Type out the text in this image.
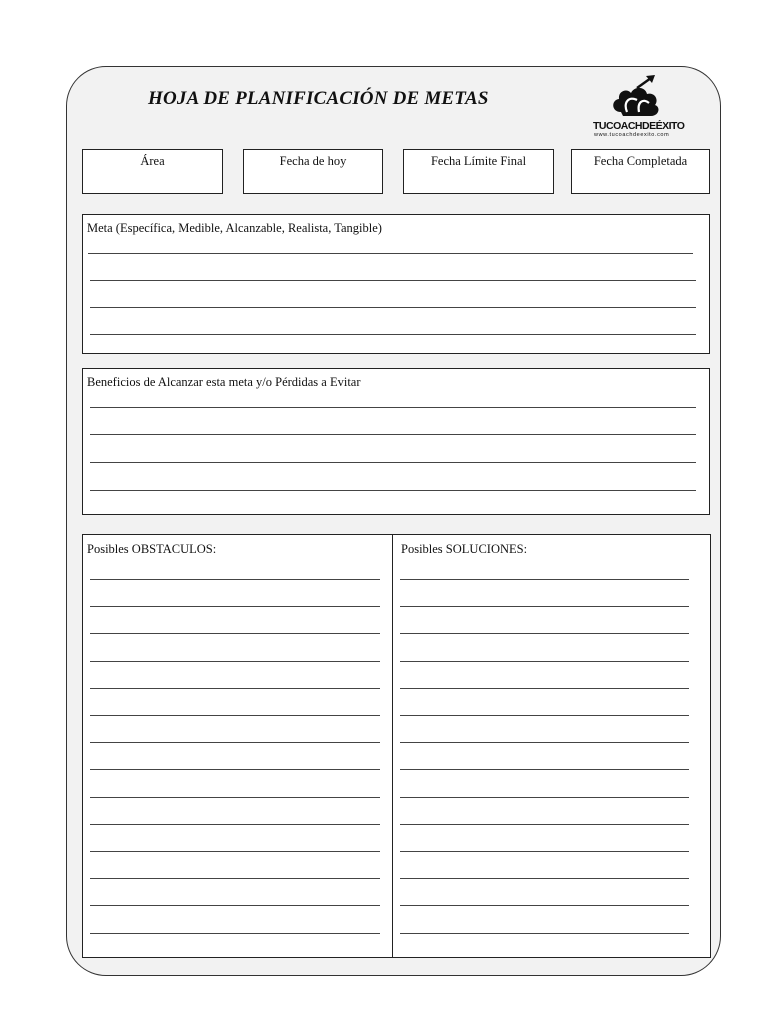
HOJA DE PLANIFICACIÓN DE METAS
TUCOACHDEÉXITO
www.tucoachdeexito.com
Área	Fecha de hoy	Fecha Límite Final	Fecha Completada
Meta (Específica, Medible, Alcanzable, Realista, Tangible)
Beneficios de Alcanzar esta meta y/o Pérdidas a Evitar
Posibles OBSTACULOS:	Posibles SOLUCIONES:
